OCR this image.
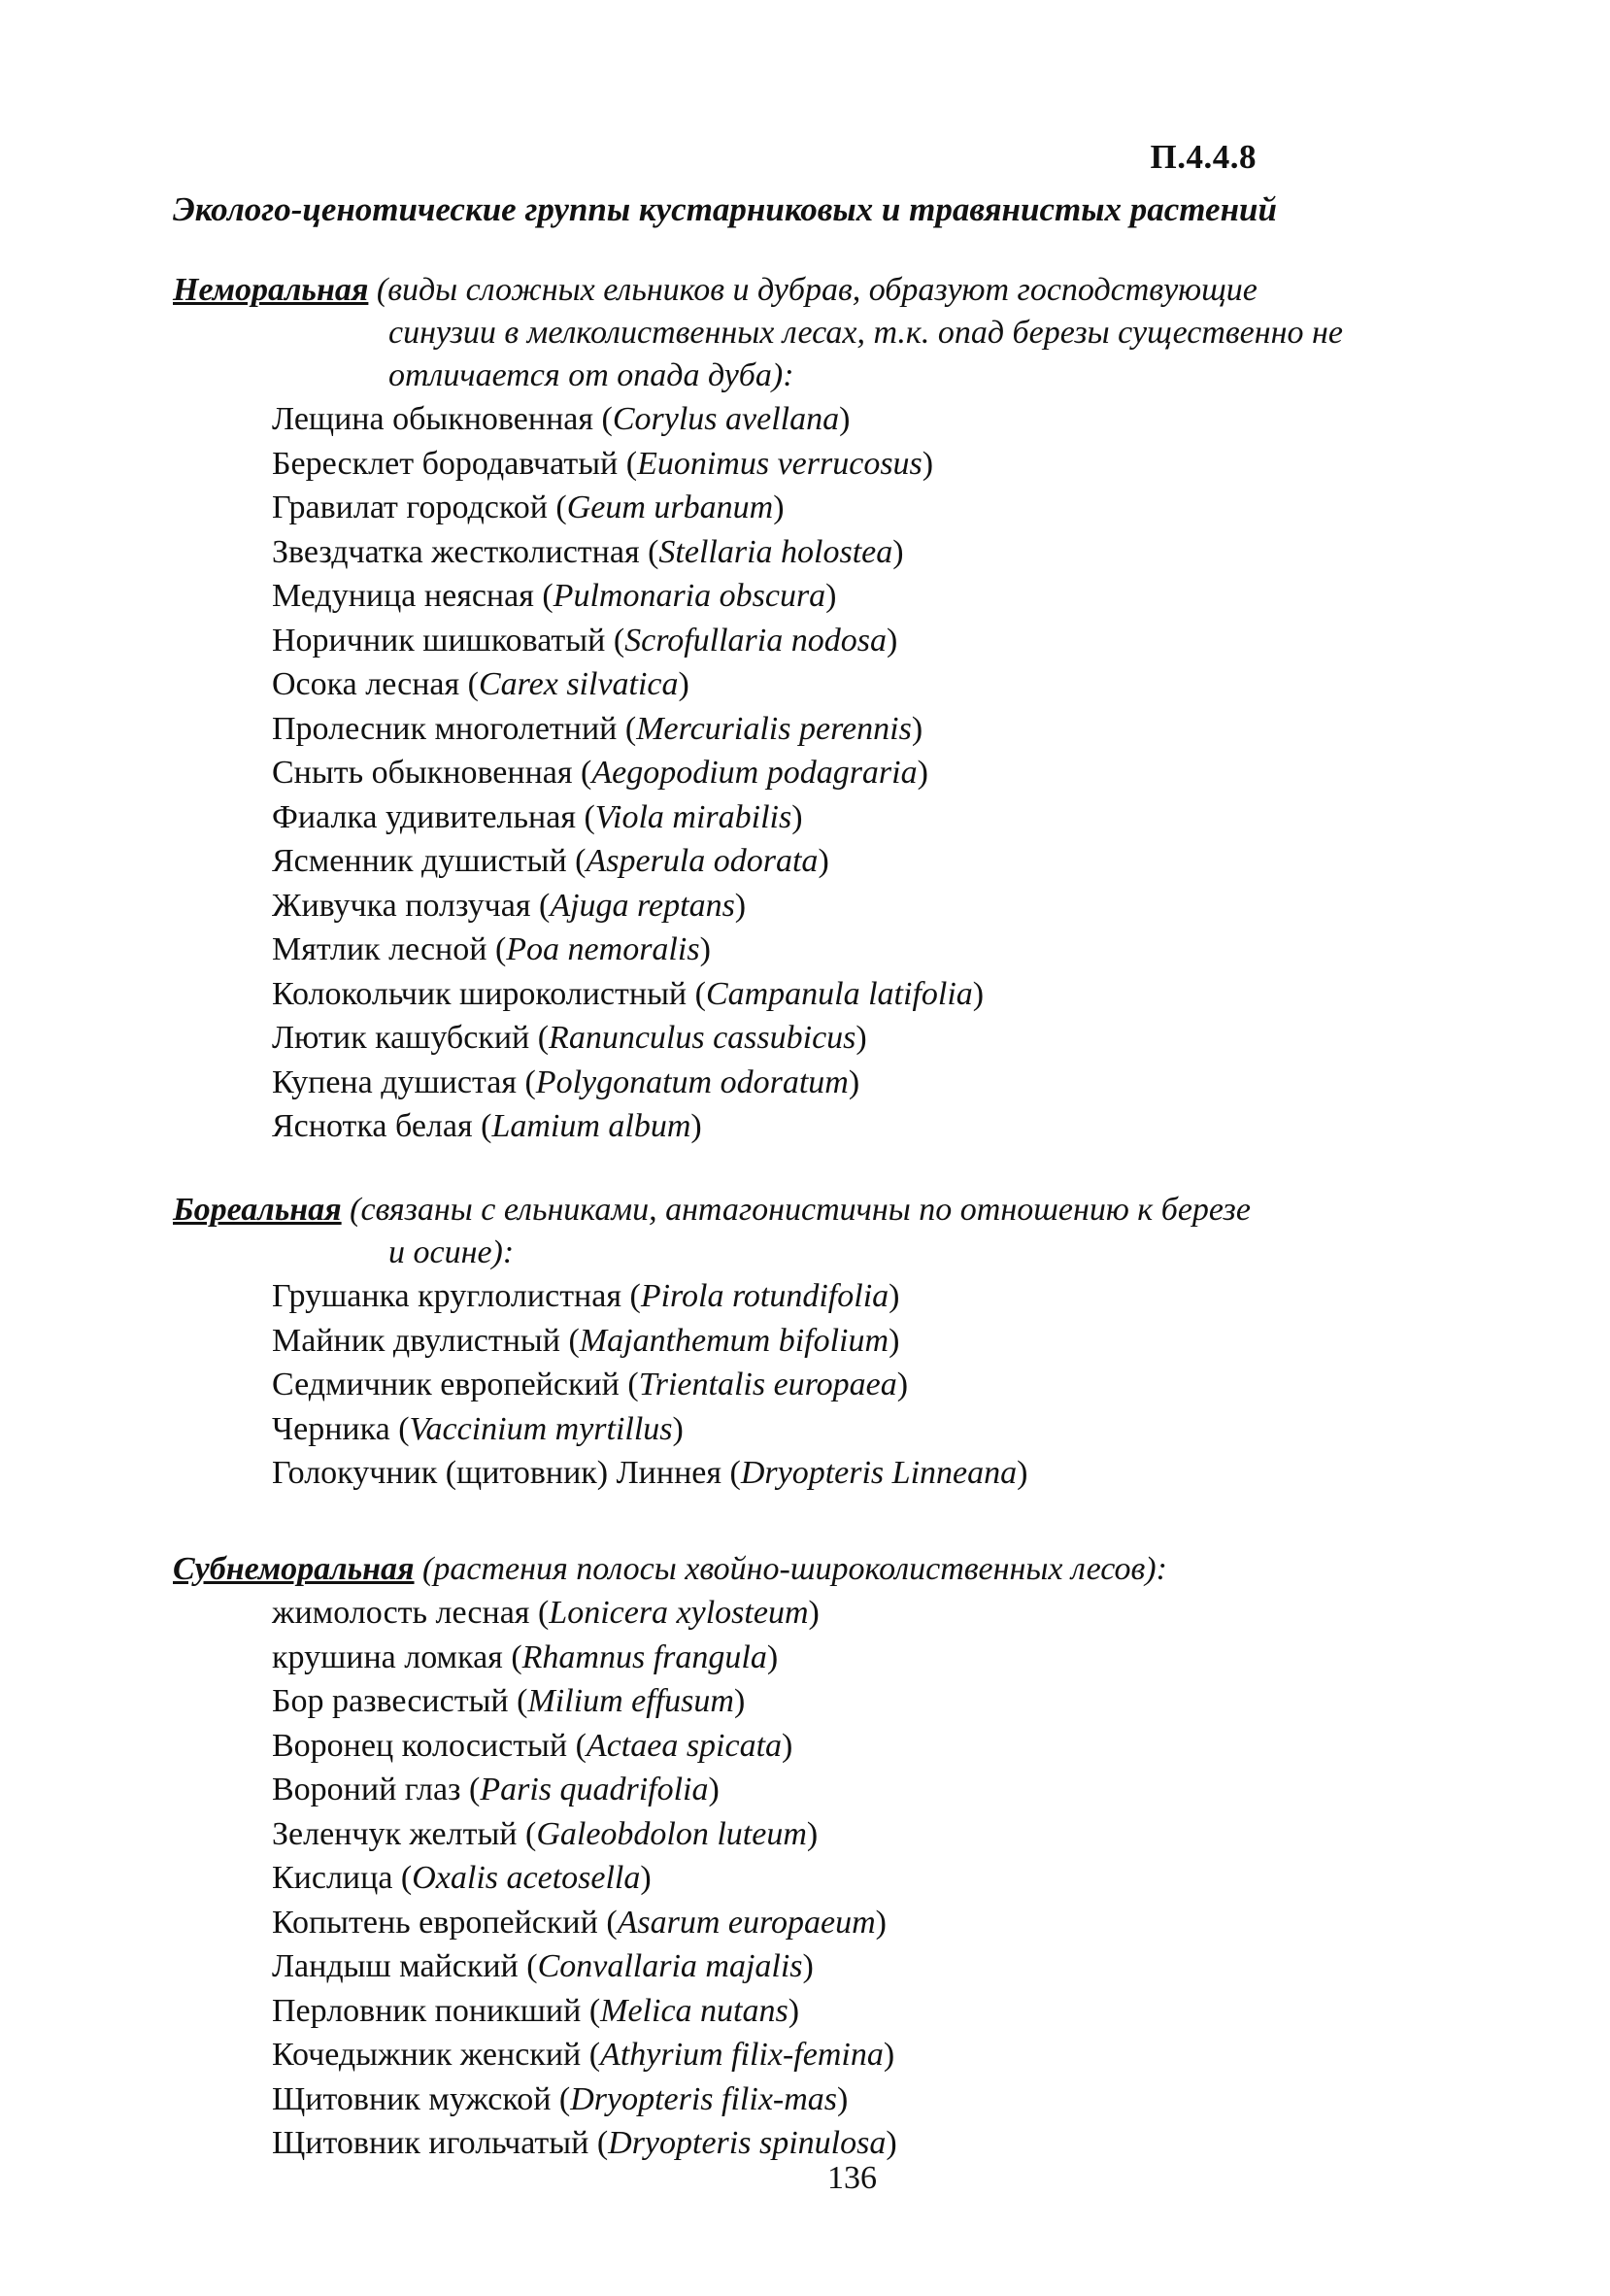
П.4.4.8
Эколого-ценотические группы кустарниковых и травянистых растений
Неморальная (виды сложных ельников и дубрав, образуют господствующие
синузии в мелколиственных лесах, т.к. опад березы существенно не отличается от опада дуба):
Лещина обыкновенная (Corylus avellana)
Бересклет бородавчатый (Euonimus verrucosus)
Гравилат городской (Geum urbanum)
Звездчатка жестколистная (Stellaria holostea)
Медуница неясная (Pulmonaria obscura)
Норичник шишковатый (Scrofullaria nodosa)
Осока лесная (Carex silvatica)
Пролесник многолетний (Mercurialis perennis)
Сныть обыкновенная (Aegopodium podagraria)
Фиалка удивительная (Viola mirabilis)
Ясменник душистый (Asperula odorata)
Живучка ползучая (Ajuga reptans)
Мятлик лесной (Poa nemoralis)
Колокольчик широколистный (Campanula latifolia)
Лютик кашубский (Ranunculus cassubicus)
Купена душистая (Polygonatum odoratum)
Яснотка белая (Lamium album)
Бореальная (связаны с ельниками, антагонистичны по отношению к березе
и осине):
Грушанка круглолистная (Pirola rotundifolia)
Майник двулистный (Majanthemum bifolium)
Седмичник европейский (Trientalis europaea)
Черника (Vaccinium myrtillus)
Голокучник (щитовник) Линнея (Dryopteris Linneana)
Субнеморальная (растения полосы хвойно-широколиственных лесов):
жимолость лесная (Lonicera xylosteum)
крушина ломкая (Rhamnus frangula)
Бор развесистый (Milium effusum)
Воронец колосистый (Actaea spicata)
Вороний глаз (Paris quadrifolia)
Зеленчук желтый (Galeobdolon luteum)
Кислица (Oxalis acetosella)
Копытень европейский (Asarum europaeum)
Ландыш майский (Convallaria majalis)
Перловник поникший (Melica nutans)
Кочедыжник женский (Athyrium filix-femina)
Щитовник мужской (Dryopteris filix-mas)
Щитовник игольчатый (Dryopteris spinulosa)
136
